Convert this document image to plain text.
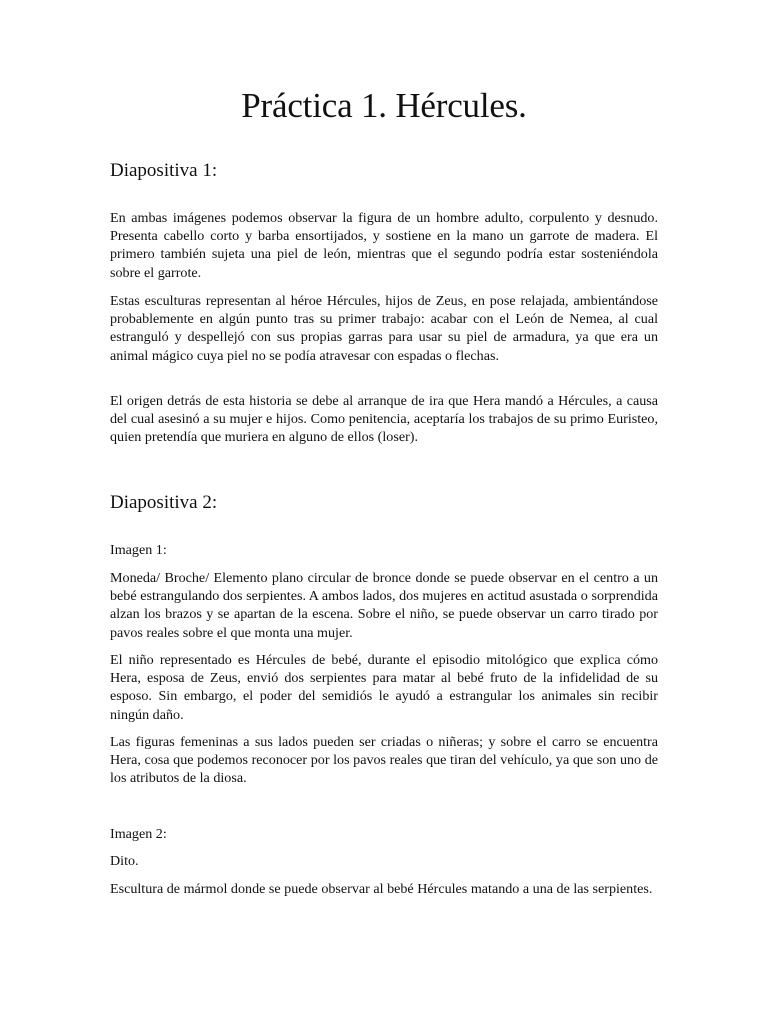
Práctica 1. Hércules.
Diapositiva 1:

En ambas imágenes podemos observar la figura de un hombre adulto, corpulento y desnudo. Presenta cabello corto y barba ensortijados, y sostiene en la mano un garrote de madera. El primero también sujeta una piel de león, mientras que el segundo podría estar sosteniéndola sobre el garrote.

Estas esculturas representan al héroe Hércules, hijos de Zeus, en pose relajada, ambientándose probablemente en algún punto tras su primer trabajo: acabar con el León de Nemea, al cual estranguló y despellejó con sus propias garras para usar su piel de armadura, ya que era un animal mágico cuya piel no se podía atravesar con espadas o flechas.

El origen detrás de esta historia se debe al arranque de ira que Hera mandó a Hércules, a causa del cual asesinó a su mujer e hijos. Como penitencia, aceptaría los trabajos de su primo Euristeo, quien pretendía que muriera en alguno de ellos (loser).

Diapositiva 2:

Imagen 1:

Moneda/ Broche/ Elemento plano circular de bronce donde se puede observar en el centro a un bebé estrangulando dos serpientes. A ambos lados, dos mujeres en actitud asustada o sorprendida alzan los brazos y se apartan de la escena. Sobre el niño, se puede observar un carro tirado por pavos reales sobre el que monta una mujer.

El niño representado es Hércules de bebé, durante el episodio mitológico que explica cómo Hera, esposa de Zeus, envió dos serpientes para matar al bebé fruto de la infidelidad de su esposo. Sin embargo, el poder del semidiós le ayudó a estrangular los animales sin recibir ningún daño.

Las figuras femeninas a sus lados pueden ser criadas o niñeras; y sobre el carro se encuentra Hera, cosa que podemos reconocer por los pavos reales que tiran del vehículo, ya que son uno de los atributos de la diosa.

Imagen 2:

Dito.

Escultura de mármol donde se puede observar al bebé Hércules matando a una de las serpientes.
